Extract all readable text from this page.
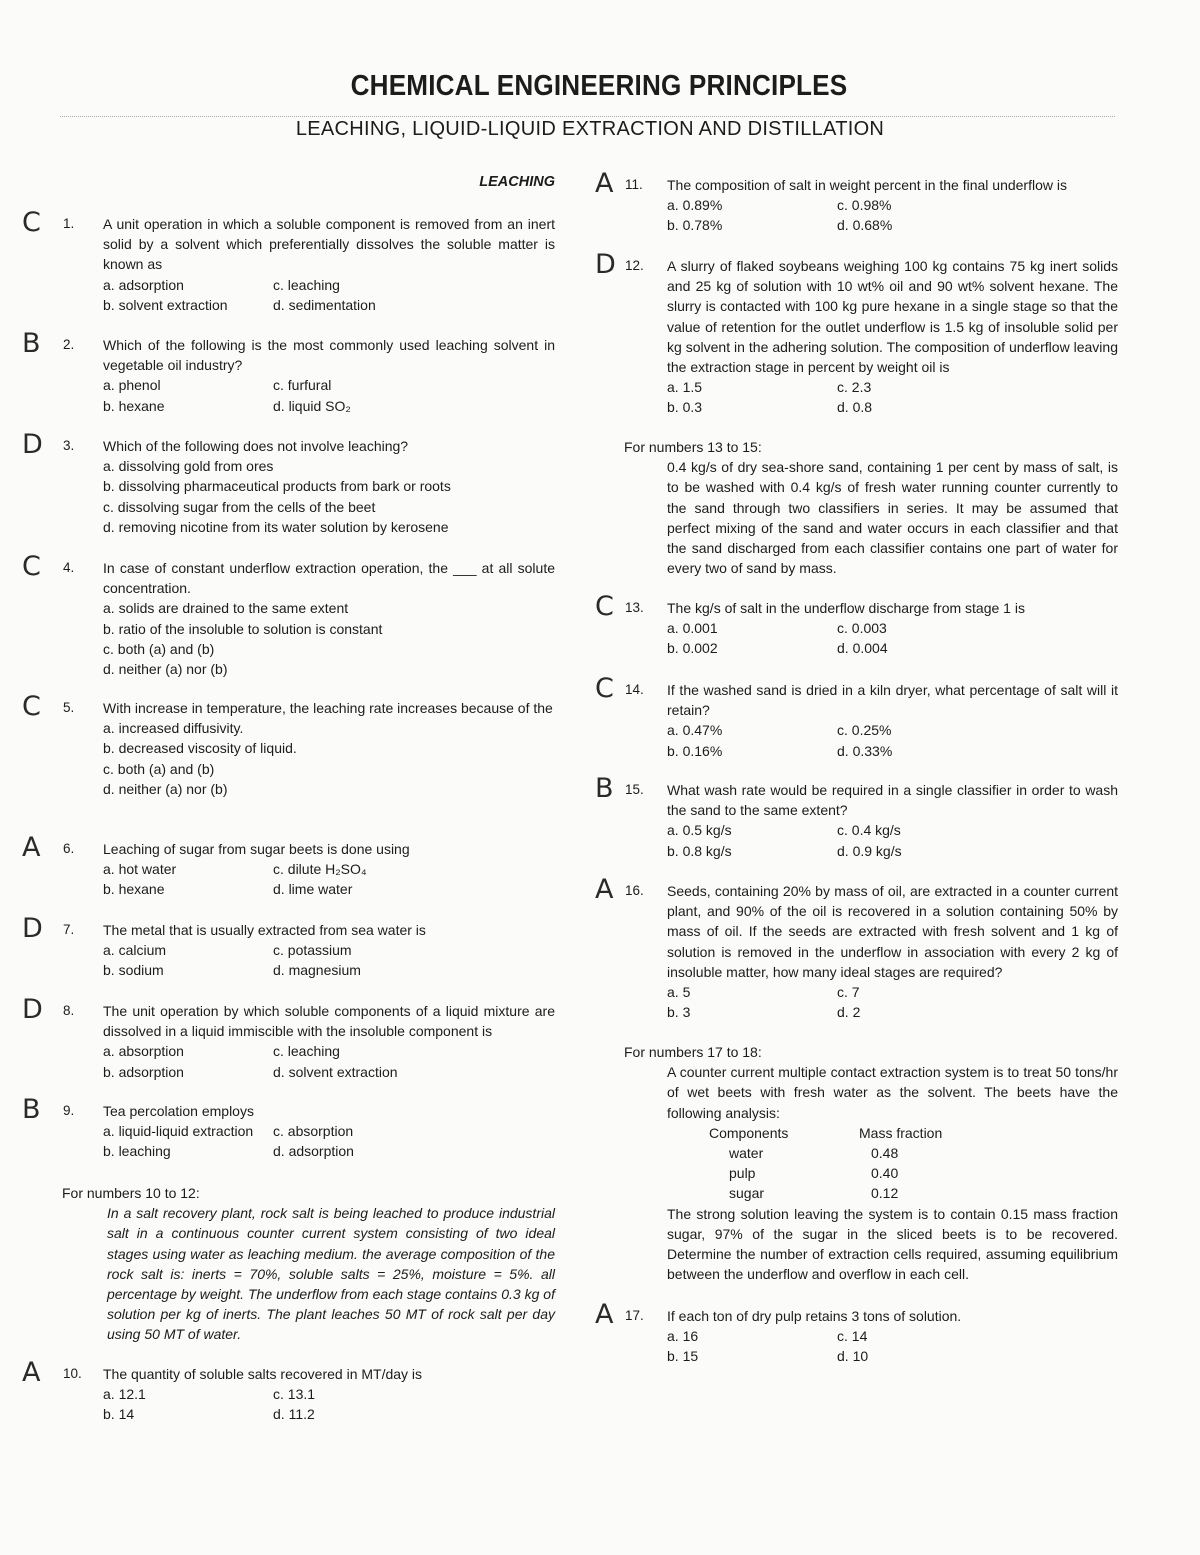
CHEMICAL ENGINEERING PRINCIPLES
LEACHING, LIQUID-LIQUID EXTRACTION AND DISTILLATION
LEACHING
C 1. A unit operation in which a soluble component is removed from an inert solid by a solvent which preferentially dissolves the soluble matter is known as
a. adsorption	c. leaching
b. solvent extraction	d. sedimentation
B 2. Which of the following is the most commonly used leaching solvent in vegetable oil industry?
a. phenol	c. furfural
b. hexane	d. liquid SO₂
D 3. Which of the following does not involve leaching?
a. dissolving gold from ores
b. dissolving pharmaceutical products from bark or roots
c. dissolving sugar from the cells of the beet
d. removing nicotine from its water solution by kerosene
C 4. In case of constant underflow extraction operation, the ___ at all solute concentration.
a. solids are drained to the same extent
b. ratio of the insoluble to solution is constant
c. both (a) and (b)
d. neither (a) nor (b)
C 5. With increase in temperature, the leaching rate increases because of the
a. increased diffusivity.
b. decreased viscosity of liquid.
c. both (a) and (b)
d. neither (a) nor (b)
A 6. Leaching of sugar from sugar beets is done using
a. hot water	c. dilute H₂SO₄
b. hexane	d. lime water
D 7. The metal that is usually extracted from sea water is
a. calcium	c. potassium
b. sodium	d. magnesium
D 8. The unit operation by which soluble components of a liquid mixture are dissolved in a liquid immiscible with the insoluble component is
a. absorption	c. leaching
b. adsorption	d. solvent extraction
B 9. Tea percolation employs
a. liquid-liquid extraction	c. absorption
b. leaching	d. adsorption
For numbers 10 to 12:
In a salt recovery plant, rock salt is being leached to produce industrial salt in a continuous counter current system consisting of two ideal stages using water as leaching medium. the average composition of the rock salt is: inerts = 70%, soluble salts = 25%, moisture = 5%. all percentage by weight. The underflow from each stage contains 0.3 kg of solution per kg of inerts. The plant leaches 50 MT of rock salt per day using 50 MT of water.
A 10. The quantity of soluble salts recovered in MT/day is
a. 12.1	c. 13.1
b. 14	d. 11.2
A 11. The composition of salt in weight percent in the final underflow is
a. 0.89%	c. 0.98%
b. 0.78%	d. 0.68%
D 12. A slurry of flaked soybeans weighing 100 kg contains 75 kg inert solids and 25 kg of solution with 10 wt% oil and 90 wt% solvent hexane. The slurry is contacted with 100 kg pure hexane in a single stage so that the value of retention for the outlet underflow is 1.5 kg of insoluble solid per kg solvent in the adhering solution. The composition of underflow leaving the extraction stage in percent by weight oil is
a. 1.5	c. 2.3
b. 0.3	d. 0.8
For numbers 13 to 15:
0.4 kg/s of dry sea-shore sand, containing 1 per cent by mass of salt, is to be washed with 0.4 kg/s of fresh water running counter currently to the sand through two classifiers in series. It may be assumed that perfect mixing of the sand and water occurs in each classifier and that the sand discharged from each classifier contains one part of water for every two of sand by mass.
C 13. The kg/s of salt in the underflow discharge from stage 1 is
a. 0.001	c. 0.003
b. 0.002	d. 0.004
C 14. If the washed sand is dried in a kiln dryer, what percentage of salt will it retain?
a. 0.47%	c. 0.25%
b. 0.16%	d. 0.33%
B 15. What wash rate would be required in a single classifier in order to wash the sand to the same extent?
a. 0.5 kg/s	c. 0.4 kg/s
b. 0.8 kg/s	d. 0.9 kg/s
A 16. Seeds, containing 20% by mass of oil, are extracted in a counter current plant, and 90% of the oil is recovered in a solution containing 50% by mass of oil. If the seeds are extracted with fresh solvent and 1 kg of solution is removed in the underflow in association with every 2 kg of insoluble matter, how many ideal stages are required?
a. 5	c. 7
b. 3	d. 2
For numbers 17 to 18:
A counter current multiple contact extraction system is to treat 50 tons/hr of wet beets with fresh water as the solvent. The beets have the following analysis:
Components	Mass fraction
water	0.48
pulp	0.40
sugar	0.12
The strong solution leaving the system is to contain 0.15 mass fraction sugar, 97% of the sugar in the sliced beets is to be recovered. Determine the number of extraction cells required, assuming equilibrium between the underflow and overflow in each cell.
A 17. If each ton of dry pulp retains 3 tons of solution.
a. 16	c. 14
b. 15	d. 10
